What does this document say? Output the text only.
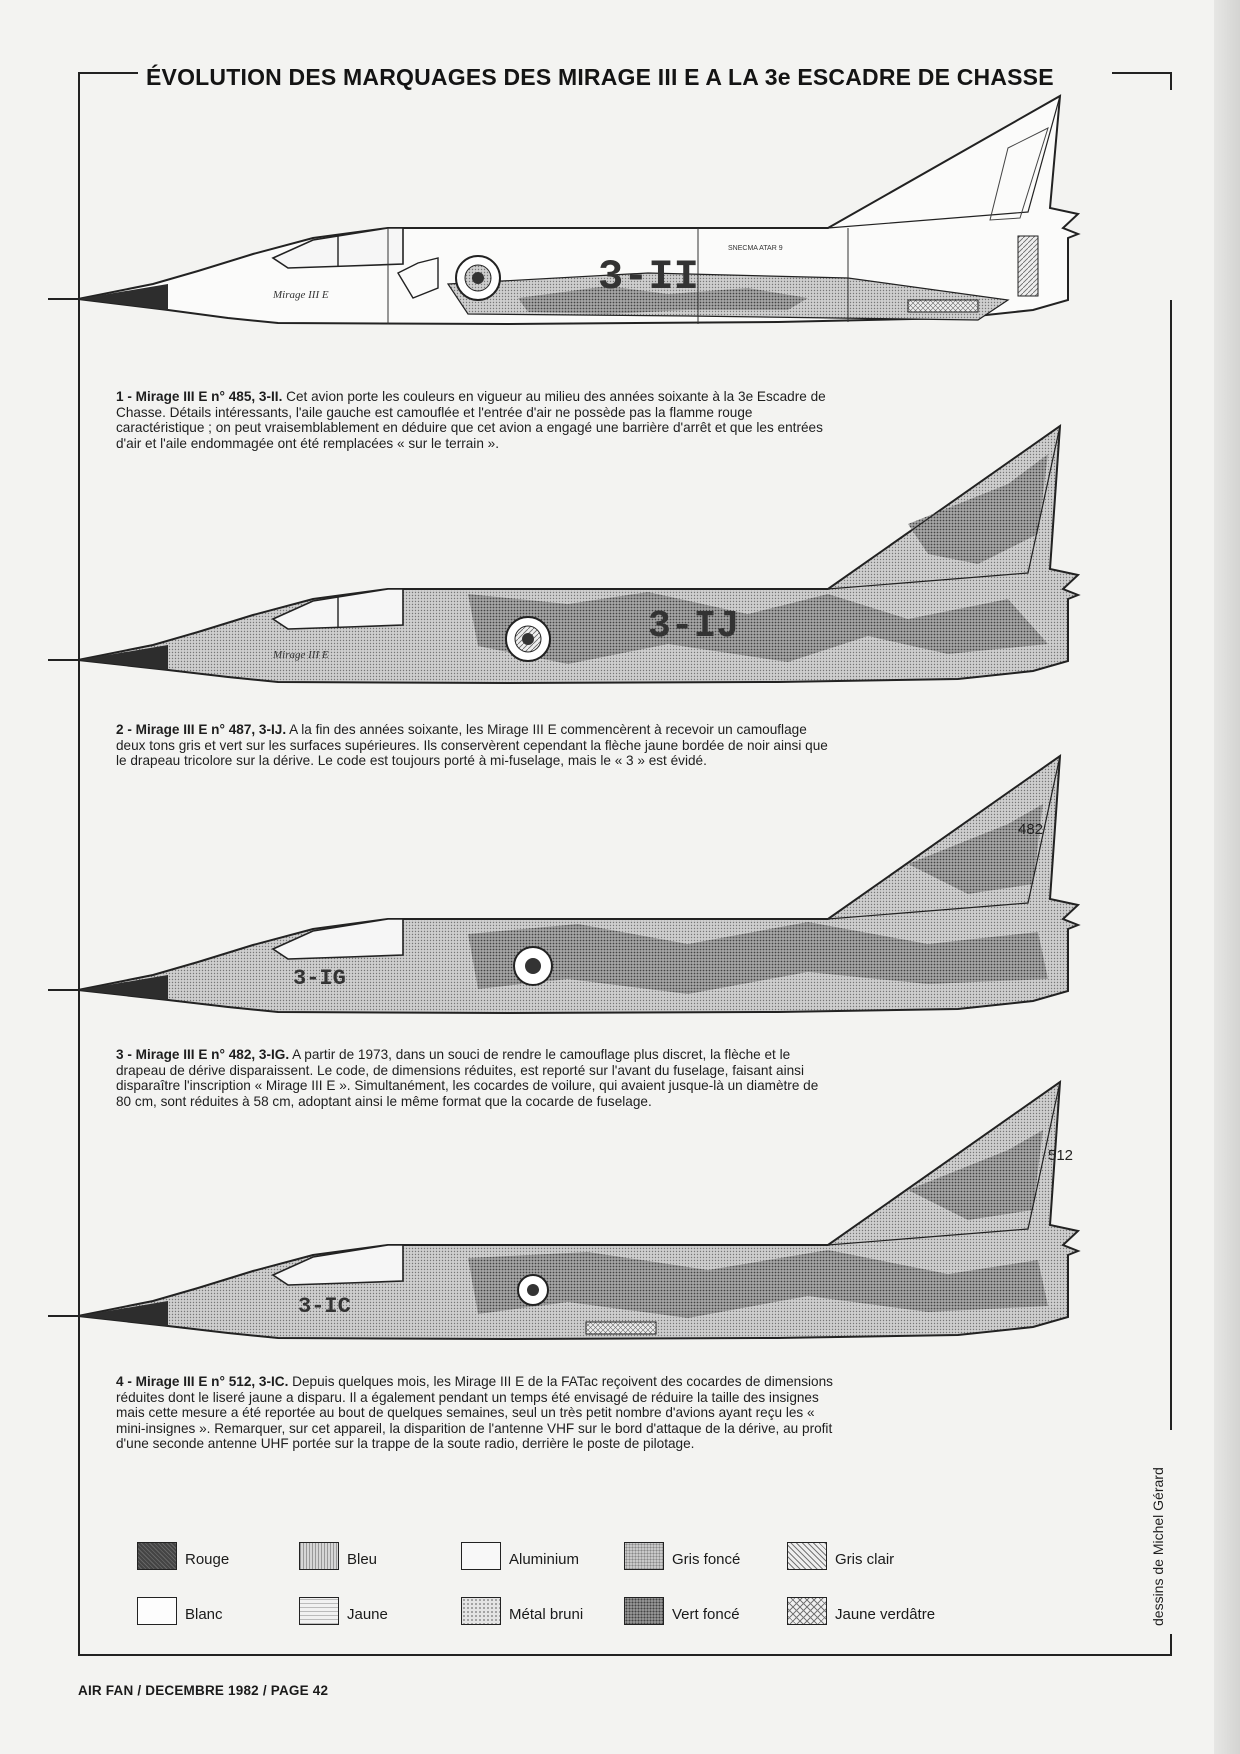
ÉVOLUTION DES MARQUAGES DES MIRAGE III E A LA 3e ESCADRE DE CHASSE
3-II
Mirage III E
SNECMA ATAR 9
1 - Mirage III E n° 485, 3-II. Cet avion porte les couleurs en vigueur au milieu des années soixante à la 3e Escadre de Chasse. Détails intéressants, l'aile gauche est camouflée et l'entrée d'air ne possède pas la flamme rouge caractéristique ; on peut vraisemblablement en déduire que cet avion a engagé une barrière d'arrêt et que les entrées d'air et l'aile endommagée ont été remplacées « sur le terrain ».
3-IJ
Mirage III E
2 - Mirage III E n° 487, 3-IJ. A la fin des années soixante, les Mirage III E commencèrent à recevoir un camouflage deux tons gris et vert sur les surfaces supérieures. Ils conservèrent cependant la flèche jaune bordée de noir ainsi que le drapeau tricolore sur la dérive. Le code est toujours porté à mi-fuselage, mais le « 3 » est évidé.
3-IG
482
3 - Mirage III E n° 482, 3-IG. A partir de 1973, dans un souci de rendre le camouflage plus discret, la flèche et le drapeau de dérive disparaissent. Le code, de dimensions réduites, est reporté sur l'avant du fuselage, faisant ainsi disparaître l'inscription « Mirage III E ». Simultanément, les cocardes de voilure, qui avaient jusque-là un diamètre de 80 cm, sont réduites à 58 cm, adoptant ainsi le même format que la cocarde de fuselage.
3-IC
512
4 - Mirage III E n° 512, 3-IC. Depuis quelques mois, les Mirage III E de la FATac reçoivent des cocardes de dimensions réduites dont le liseré jaune a disparu. Il a également pendant un temps été envisagé de réduire la taille des insignes mais cette mesure a été reportée au bout de quelques semaines, seul un très petit nombre d'avions ayant reçu les « mini-insignes ». Remarquer, sur cet appareil, la disparition de l'antenne VHF sur le bord d'attaque de la dérive, au profit d'une seconde antenne UHF portée sur la trappe de la soute radio, derrière le poste de pilotage.
dessins de Michel Gérard
Rouge	Bleu	Aluminium	Gris foncé	Gris clair
Blanc	Jaune	Métal bruni	Vert foncé	Jaune verdâtre
AIR FAN / DECEMBRE 1982 / PAGE 42
